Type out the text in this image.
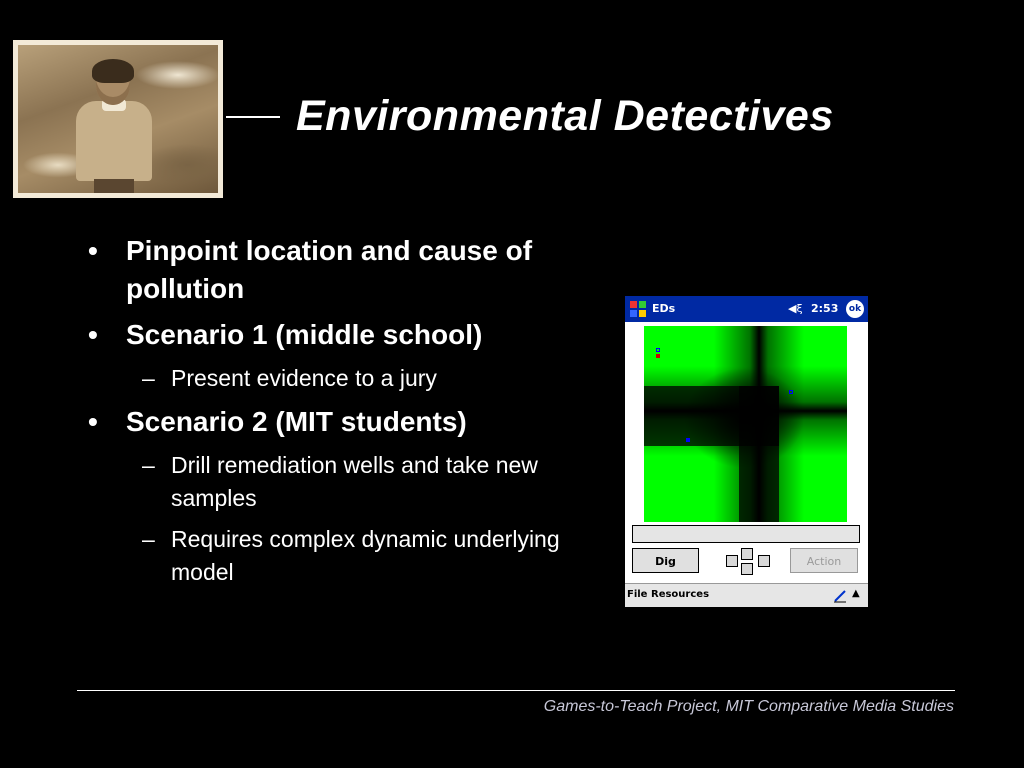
Environmental Detectives
• Pinpoint location and cause of pollution
• Scenario 1 (middle school)
– Present evidence to a jury
• Scenario 2 (MIT students)
– Drill remediation wells and take new samples
– Requires complex dynamic underlying model
EDs	◀ξ 2:53	ok
Dig	Action
File Resources	▲
Games-to-Teach Project, MIT Comparative Media Studies
